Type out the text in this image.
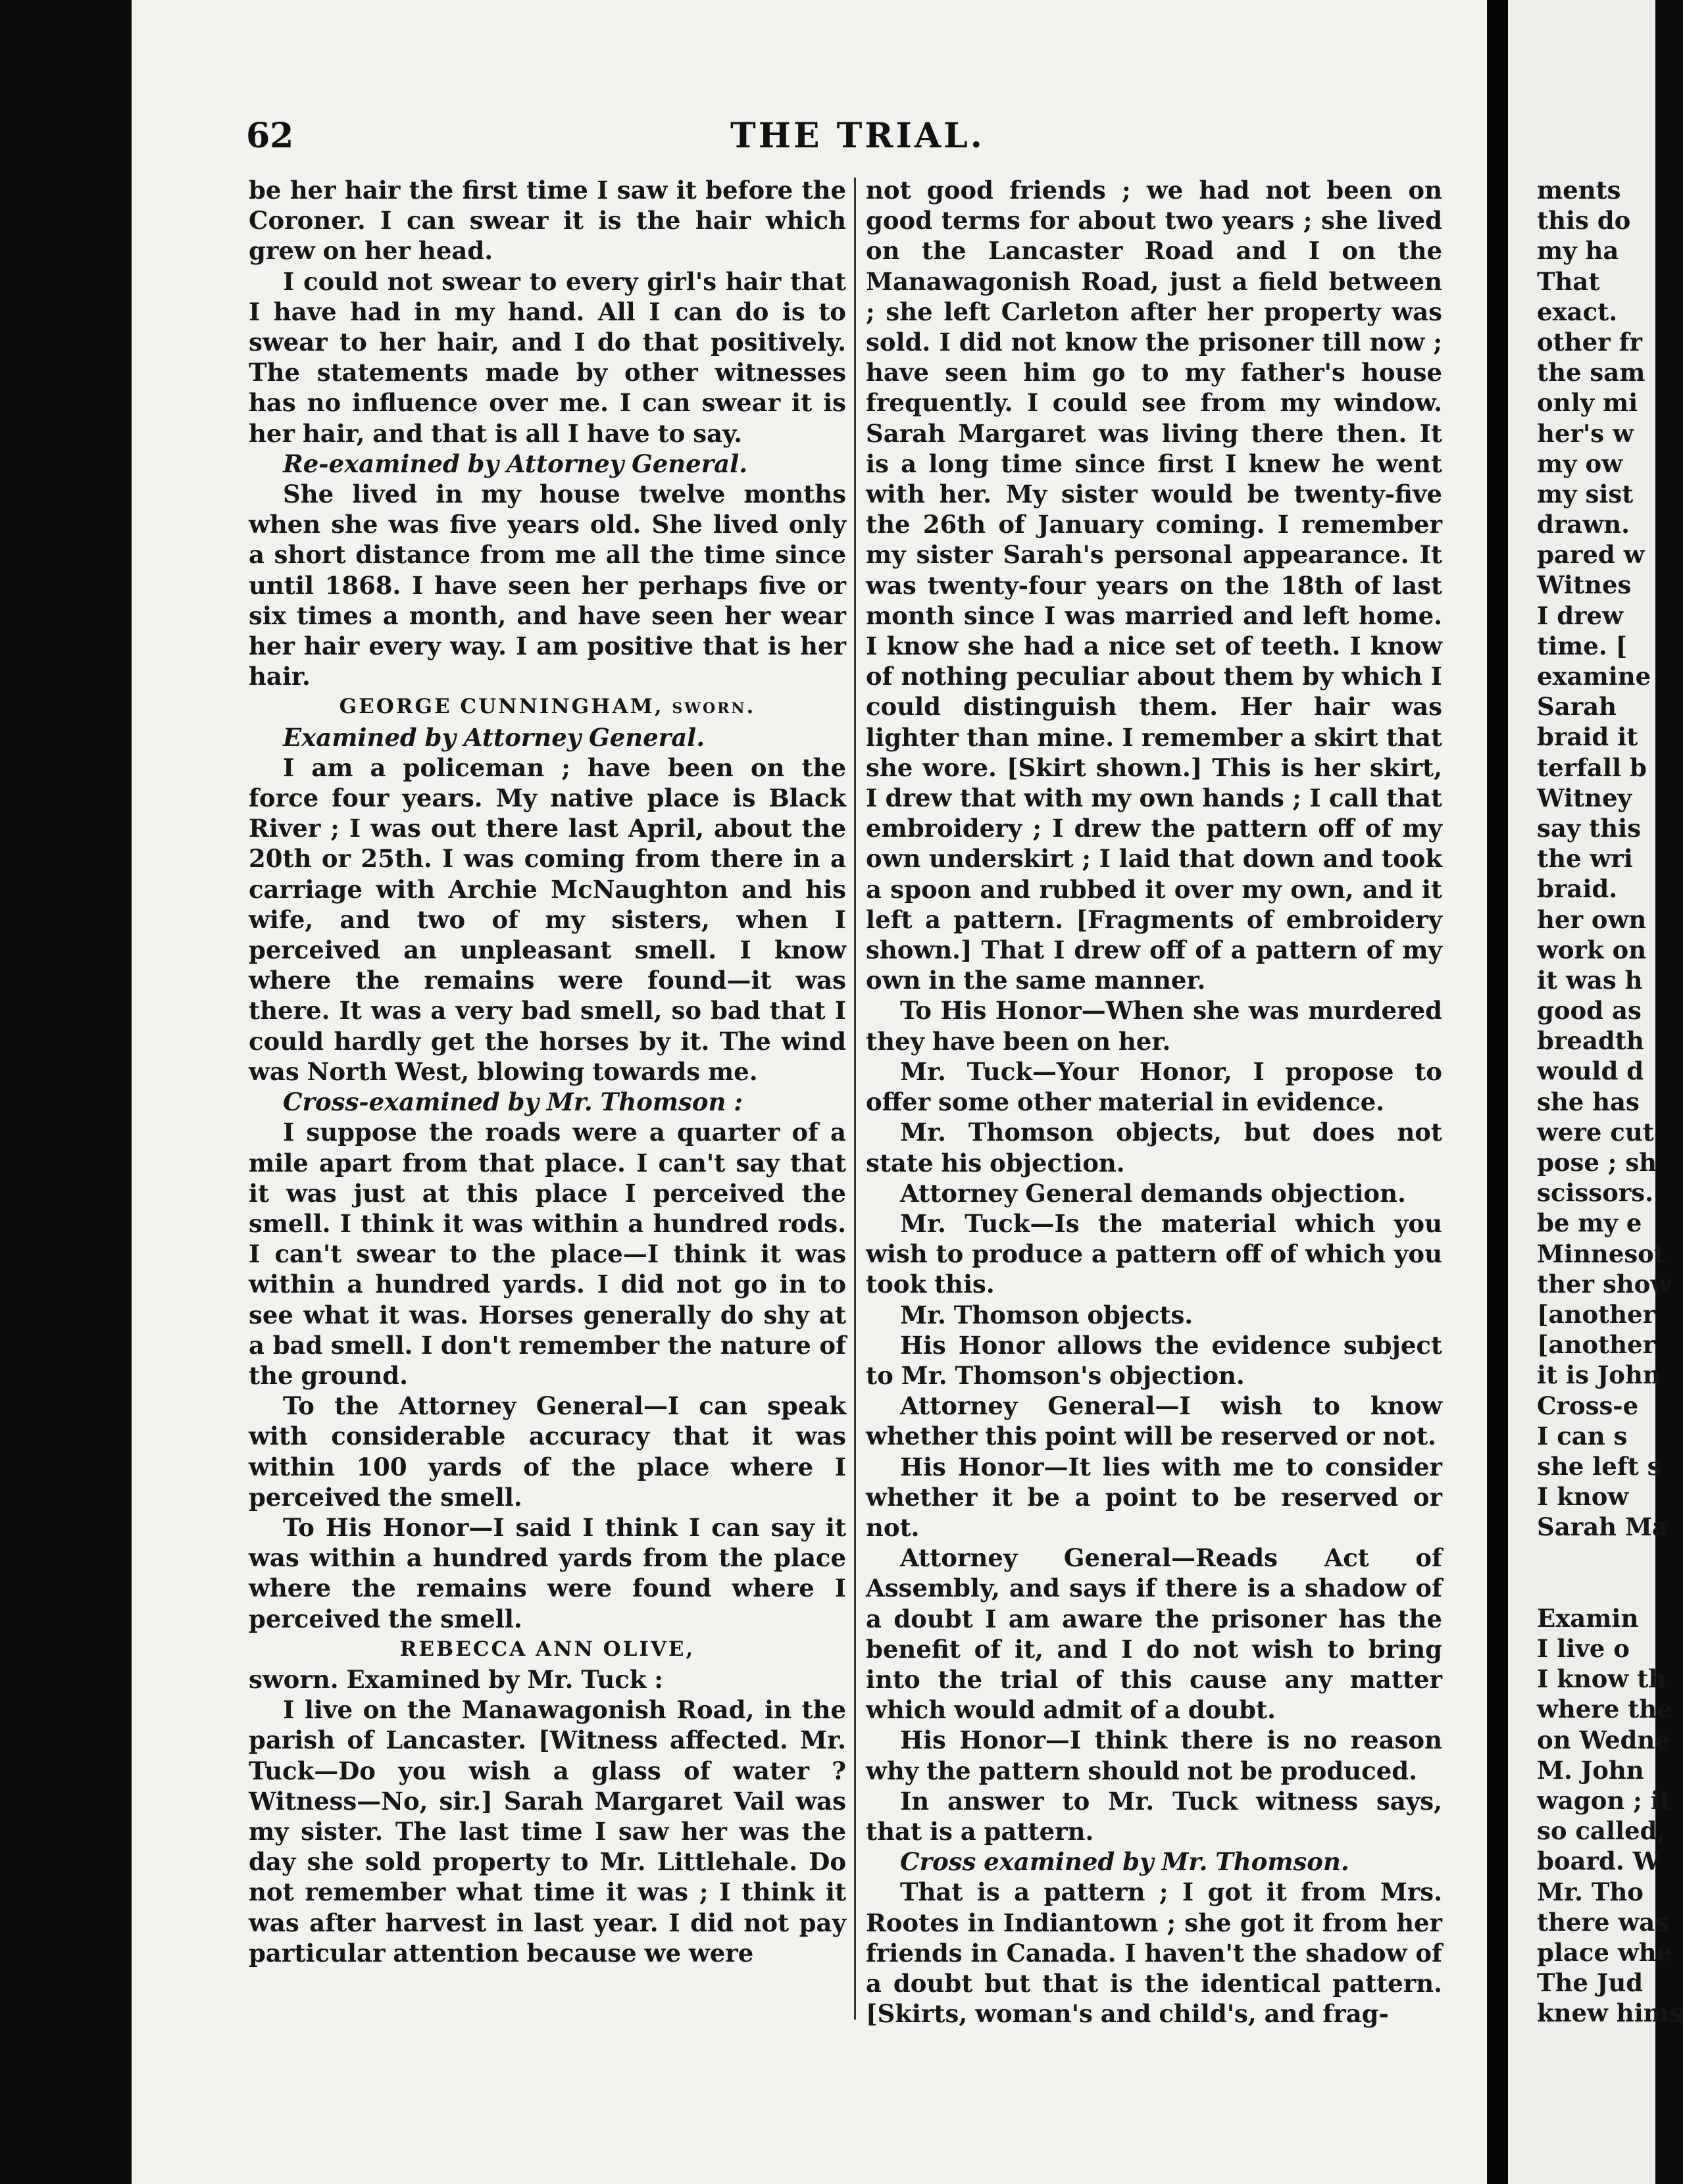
62	THE TRIAL.

be her hair the first time I saw it before the Coroner. I can swear it is the hair which grew on her head.

I could not swear to every girl's hair that I have had in my hand. All I can do is to swear to her hair, and I do that positively. The statements made by other witnesses has no influence over me. I can swear it is her hair, and that is all I have to say.

Re-examined by Attorney General.

She lived in my house twelve months when she was five years old. She lived only a short distance from me all the time since until 1868. I have seen her perhaps five or six times a month, and have seen her wear her hair every way. I am positive that is her hair.

GEORGE CUNNINGHAM, sworn.

Examined by Attorney General.

I am a policeman ; have been on the force four years. My native place is Black River ; I was out there last April, about the 20th or 25th. I was coming from there in a carriage with Archie McNaughton and his wife, and two of my sisters, when I perceived an unpleasant smell. I know where the remains were found—it was there. It was a very bad smell, so bad that I could hardly get the horses by it. The wind was North West, blowing towards me.

Cross-examined by Mr. Thomson :

I suppose the roads were a quarter of a mile apart from that place. I can't say that it was just at this place I perceived the smell. I think it was within a hundred rods. I can't swear to the place—I think it was within a hundred yards. I did not go in to see what it was. Horses generally do shy at a bad smell. I don't remember the nature of the ground.

To the Attorney General—I can speak with considerable accuracy that it was within 100 yards of the place where I perceived the smell.

To His Honor—I said I think I can say it was within a hundred yards from the place where the remains were found where I perceived the smell.

REBECCA ANN OLIVE,

sworn. Examined by Mr. Tuck :

I live on the Manawagonish Road, in the parish of Lancaster. [Witness affected. Mr. Tuck—Do you wish a glass of water ? Witness—No, sir.] Sarah Margaret Vail was my sister. The last time I saw her was the day she sold property to Mr. Littlehale. Do not remember what time it was ; I think it was after harvest in last year. I did not pay particular attention because we were

not good friends ; we had not been on good terms for about two years ; she lived on the Lancaster Road and I on the Manawagonish Road, just a field between ; she left Carleton after her property was sold. I did not know the prisoner till now ; have seen him go to my father's house frequently. I could see from my window. Sarah Margaret was living there then. It is a long time since first I knew he went with her. My sister would be twenty-five the 26th of January coming. I remember my sister Sarah's personal appearance. It was twenty-four years on the 18th of last month since I was married and left home. I know she had a nice set of teeth. I know of nothing peculiar about them by which I could distinguish them. Her hair was lighter than mine. I remember a skirt that she wore. [Skirt shown.] This is her skirt, I drew that with my own hands ; I call that embroidery ; I drew the pattern off of my own underskirt ; I laid that down and took a spoon and rubbed it over my own, and it left a pattern. [Fragments of embroidery shown.] That I drew off of a pattern of my own in the same manner.

To His Honor—When she was murdered they have been on her.

Mr. Tuck—Your Honor, I propose to offer some other material in evidence.

Mr. Thomson objects, but does not state his objection.

Attorney General demands objection.

Mr. Tuck—Is the material which you wish to produce a pattern off of which you took this.

Mr. Thomson objects.

His Honor allows the evidence subject to Mr. Thomson's objection.

Attorney General—I wish to know whether this point will be reserved or not.

His Honor—It lies with me to consider whether it be a point to be reserved or not.

Attorney General—Reads Act of Assembly, and says if there is a shadow of a doubt I am aware the prisoner has the benefit of it, and I do not wish to bring into the trial of this cause any matter which would admit of a doubt.

His Honor—I think there is no reason why the pattern should not be produced.

In answer to Mr. Tuck witness says, that is a pattern.

Cross examined by Mr. Thomson.

That is a pattern ; I got it from Mrs. Rootes in Indiantown ; she got it from her friends in Canada. I haven't the shadow of a doubt but that is the identical pattern. [Skirts, woman's and child's, and frag-

ments
this do
my ha
That
exact.
other fr
the sam
only mi
her's w
my ow
my sist
drawn.
pared w
Witnes
I drew
time. [
examine
Sarah
braid it
terfall b
Witney
say this
the wri
braid.
her own
work on
it was h
good as
breadth
would d
she has
were cut
pose ; sh
scissors.
be my e
Minnesot
ther show
[another
[another
it is John
Cross-e
I can s
she left s
I know
Sarah Ma
Examin
I live o
I know th
where the
on Wedne
M. John
wagon ; it
so called,
board. W
Mr. Tho
there was
place whe
The Jud
knew hims
